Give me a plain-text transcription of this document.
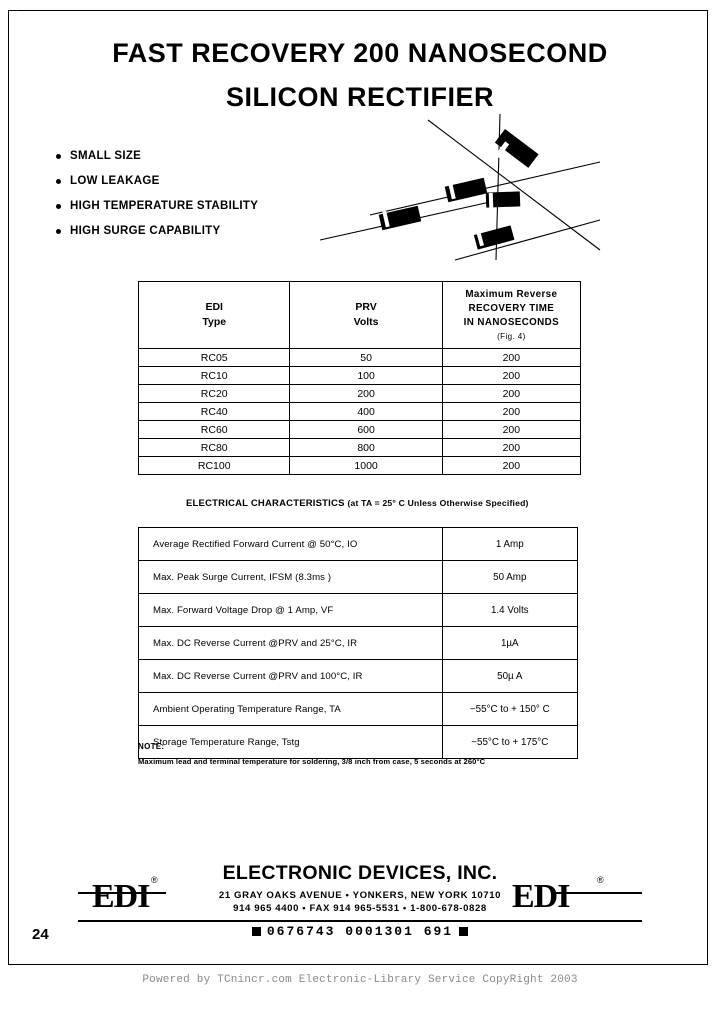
...
FAST RECOVERY 200 NANOSECOND
SILICON RECTIFIER
SMALL SIZE
LOW LEAKAGE
HIGH TEMPERATURE STABILITY
HIGH SURGE CAPABILITY
EDI
Type

PRV
Volts

Maximum Reverse
RECOVERY TIME
IN NANOSECONDS
(Fig. 4)

RC05	50	200
RC10	100	200
RC20	200	200
RC40	400	200
RC60	600	200
RC80	800	200
RC100	1000	200
ELECTRICAL CHARACTERISTICS (at TA = 25° C Unless Otherwise Specified)
Average Rectified Forward Current @ 50°C, IO	1 Amp
Max. Peak Surge Current, IFSM (8.3ms )	50 Amp
Max. Forward Voltage Drop @ 1 Amp, VF	1.4 Volts
Max. DC Reverse Current @PRV and 25°C, IR	1µA
Max. DC Reverse Current @PRV and 100°C, IR	50µ A
Ambient Operating Temperature Range, TA	−55°C to + 150° C
Storage Temperature Range, Tstg	−55°C to + 175°C
NOTE:
Maximum lead and terminal temperature for soldering, 3/8 inch from case, 5 seconds at 260°C
EDI ®	EDI	®
ELECTRONIC DEVICES, INC.
21 GRAY OAKS AVENUE • YONKERS, NEW YORK 10710
914 965 4400 • FAX 914 965-5531 • 1-800-678-0828
24	0676743 0001301 691
Powered by TCnincr.com Electronic-Library Service CopyRight 2003
